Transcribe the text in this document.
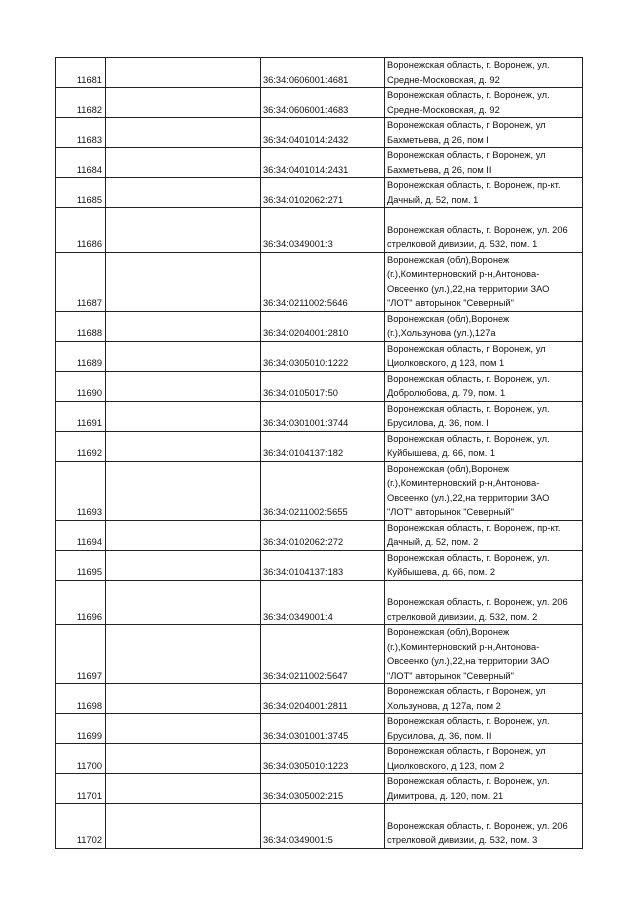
11681		36:34:0606001:4681	Воронежская область, г. Воронеж, ул.
Средне-Московская, д. 92

11682		36:34:0606001:4683	Воронежская область, г. Воронеж, ул.
Средне-Московская, д. 92

11683		36:34:0401014:2432	Воронежская область, г Воронеж, ул
Бахметьева, д 26, пом I

11684		36:34:0401014:2431	Воронежская область, г Воронеж, ул
Бахметьева, д 26, пом II

11685		36:34:0102062:271	Воронежская область, г. Воронеж, пр-кт.
Дачный, д. 52, пом. 1

11686		36:34:0349001:3	Воронежская область, г. Воронеж, ул. 206
стрелковой дивизии, д. 532, пом. 1

11687		36:34:0211002:5646	Воронежская (обл),Воронеж
(г.),Коминтерновский р-н,Антонова-
Овсеенко (ул.),22,на территории ЗАО
"ЛОТ" авторынок "Северный"

11688		36:34:0204001:2810	Воронежская (обл),Воронеж
(г.),Хользунова (ул.),127а

11689		36:34:0305010:1222	Воронежская область, г Воронеж, ул
Циолковского, д 123, пом 1

11690		36:34:0105017:50	Воронежская область, г. Воронеж, ул.
Добролюбова, д. 79, пом. 1

11691		36:34:0301001:3744	Воронежская область, г. Воронеж, ул.
Брусилова, д. 36, пом. I

11692		36:34:0104137:182	Воронежская область, г. Воронеж, ул.
Куйбышева, д. 66, пом. 1

11693		36:34:0211002:5655	Воронежская (обл),Воронеж
(г.),Коминтерновский р-н,Антонова-
Овсеенко (ул.),22,на территории ЗАО
"ЛОТ" авторынок "Северный"

11694		36:34:0102062:272	Воронежская область, г. Воронеж, пр-кт.
Дачный, д. 52, пом. 2

11695		36:34:0104137:183	Воронежская область, г. Воронеж, ул.
Куйбышева, д. 66, пом. 2

11696		36:34:0349001:4	Воронежская область, г. Воронеж, ул. 206
стрелковой дивизии, д. 532, пом. 2

11697		36:34:0211002:5647	Воронежская (обл),Воронеж
(г.),Коминтерновский р-н,Антонова-
Овсеенко (ул.),22,на территории ЗАО
"ЛОТ" авторынок "Северный"

11698		36:34:0204001:2811	Воронежская область, г Воронеж, ул
Хользунова, д 127а, пом 2

11699		36:34:0301001:3745	Воронежская область, г. Воронеж, ул.
Брусилова, д. 36, пом. II

11700		36:34:0305010:1223	Воронежская область, г Воронеж, ул
Циолковского, д 123, пом 2

11701		36:34:0305002:215	Воронежская область, г. Воронеж, ул.
Димитрова, д. 120, пом. 21

11702		36:34:0349001:5	Воронежская область, г. Воронеж, ул. 206
стрелковой дивизии, д. 532, пом. 3
